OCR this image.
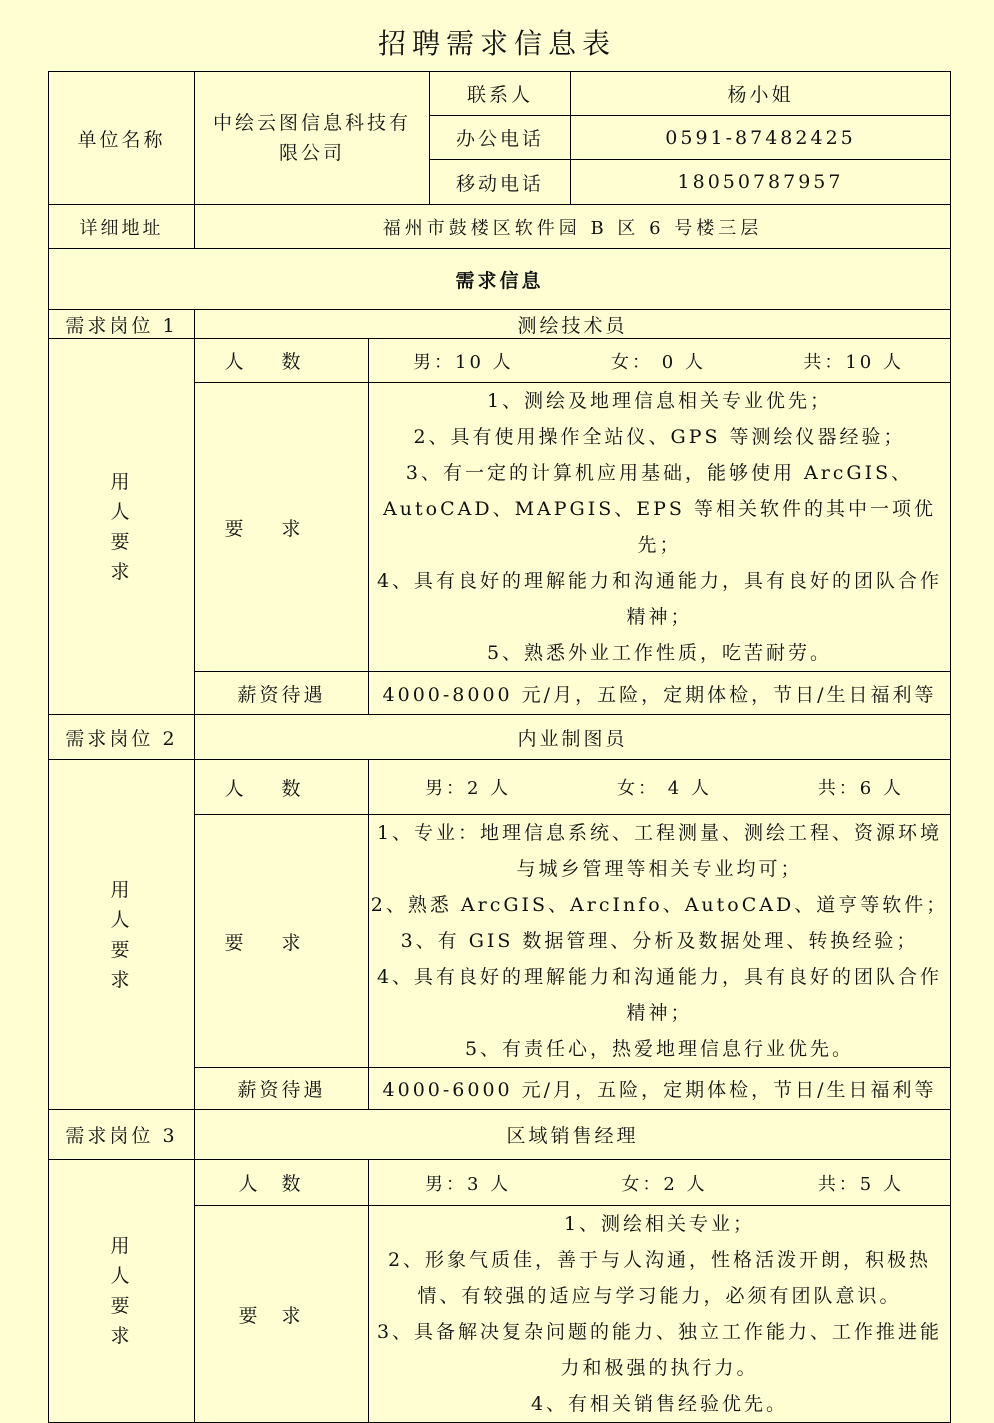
招聘需求信息表
单位名称	中绘云图信息科技有限公司		联系人	杨小姐
			办公电话	0591-87482425
			移动电话	18050787957
详细地址	福州市鼓楼区软件园 B 区 6 号楼三层			
需求信息				
需求岗位 1	测绘技术员			

用
人
要
求	人数	男：10 人 女： 0 人 共：10 人		

	要求	1、测绘及地理信息相关专业优先；
2、具有使用操作全站仪、GPS 等测绘仪器经验；
3、有一定的计算机应用基础，能够使用 ArcGIS、AutoCAD、MAPGIS、EPS 等相关软件的其中一项优先；
4、具有良好的理解能力和沟通能力，具有良好的团队合作精神；
5、熟悉外业工作性质，吃苦耐劳。		

	薪资待遇	4000-8000 元/月，五险，定期体检，节日/生日福利等		
需求岗位 2	内业制图员			

用
人
要
求	人数	男：2 人 女： 4 人 共：6 人		

	要求	1、专业：地理信息系统、工程测量、测绘工程、资源环境与城乡管理等相关专业均可；
2、熟悉 ArcGIS、ArcInfo、AutoCAD、道亨等软件；
3、有 GIS 数据管理、分析及数据处理、转换经验；
4、具有良好的理解能力和沟通能力，具有良好的团队合作精神；
5、有责任心，热爱地理信息行业优先。		

	薪资待遇	4000-6000 元/月，五险，定期体检，节日/生日福利等		
需求岗位 3	区域销售经理			

用
人
要
求	人数	男：3 人 女：2 人 共：5 人		

	要求	1、测绘相关专业；
2、形象气质佳，善于与人沟通，性格活泼开朗，积极热情、有较强的适应与学习能力，必须有团队意识。
3、具备解决复杂问题的能力、独立工作能力、工作推进能力和极强的执行力。
4、有相关销售经验优先。		
